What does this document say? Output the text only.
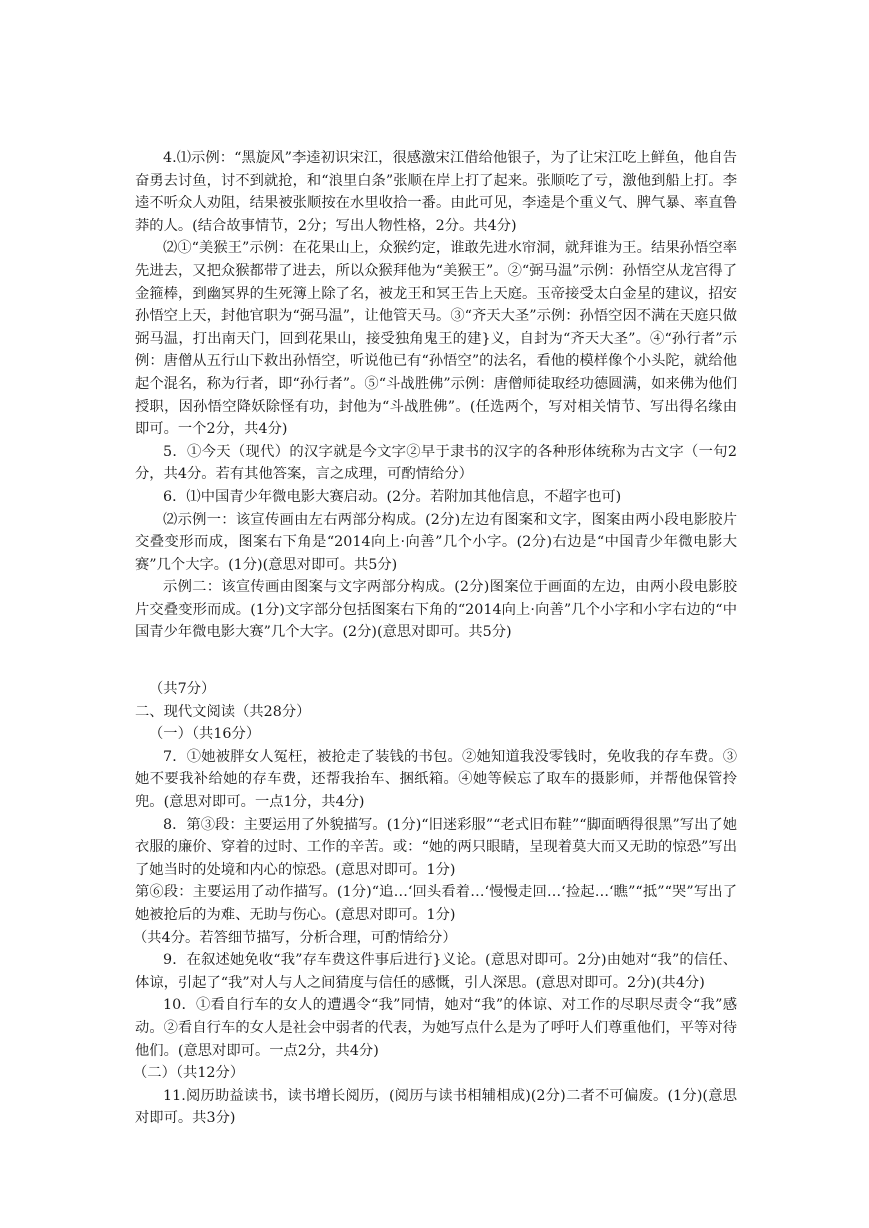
4.⑴示例：“黑旋风”李逵初识宋江，很感激宋江借给他银子，为了让宋江吃上鲜鱼，他自告奋勇去讨鱼，讨不到就抢，和“浪里白条”张顺在岸上打了起来。张顺吃了亏，激他到船上打。李逵不听众人劝阻，结果被张顺按在水里收拾一番。由此可见，李逵是个重义气、脾气暴、率直鲁莽的人。(结合故事情节，2分；写出人物性格，2分。共4分)

⑵①“美猴王”示例：在花果山上，众猴约定，谁敢先进水帘洞，就拜谁为王。结果孙悟空率先进去，又把众猴都带了进去，所以众猴拜他为“美猴王”。②“弼马温”示例：孙悟空从龙宫得了金箍棒，到幽冥界的生死簿上除了名，被龙王和冥王告上天庭。玉帝接受太白金星的建议，招安孙悟空上天，封他官职为“弼马温”，让他管天马。③“齐天大圣”示例：孙悟空因不满在天庭只做弼马温，打出南天门，回到花果山，接受独角鬼王的建}义，自封为“齐天大圣”。④“孙行者”示例：唐僧从五行山下救出孙悟空，听说他已有“孙悟空”的法名，看他的模样像个小头陀，就给他起个混名，称为行者，即“孙行者”。⑤“斗战胜佛”示例：唐僧师徒取经功德圆满，如来佛为他们授职，因孙悟空降妖除怪有功，封他为“斗战胜佛”。(任选两个，写对相关情节、写出得名缘由即可。一个2分，共4分)

5．①今天（现代）的汉字就是今文字②早于隶书的汉字的各种形体统称为古文字（一句2分，共4分。若有其他答案，言之成理，可酌情给分）

6．⑴中国青少年微电影大赛启动。(2分。若附加其他信息，不超字也可)

⑵示例一：该宣传画由左右两部分构成。(2分)左边有图案和文字，图案由两小段电影胶片交叠变形而成，图案右下角是“2014向上·向善”几个小字。(2分)右边是“中国青少年微电影大赛”几个大字。(1分)(意思对即可。共5分)

示例二：该宣传画由图案与文字两部分构成。(2分)图案位于画面的左边，由两小段电影胶片交叠变形而成。(1分)文字部分包括图案右下角的“2014向上·向善”几个小字和小字右边的“中国青少年微电影大赛”几个大字。(2分)(意思对即可。共5分)

（共7分）

二、现代文阅读（共28分）

（一）（共16分）

7．①她被胖女人冤枉，被抢走了装钱的书包。②她知道我没零钱时，免收我的存车费。③她不要我补给她的存车费，还帮我抬车、捆纸箱。④她等候忘了取车的摄影师，并帮他保管拎兜。(意思对即可。一点1分，共4分)

8．第③段：主要运用了外貌描写。(1分)“旧迷彩服”“老式旧布鞋”“脚面晒得很黑”写出了她衣服的廉价、穿着的过时、工作的辛苦。或：“她的两只眼睛，呈现着莫大而又无助的惊恐”写出了她当时的处境和内心的惊恐。(意思对即可。1分)

第⑥段：主要运用了动作描写。(1分)“追…‘回头看着…‘慢慢走回…‘捡起…‘瞧”“抵”“哭”写出了她被抢后的为难、无助与伤心。(意思对即可。1分)

（共4分。若答细节描写，分析合理，可酌情给分）

9．在叙述她免收“我”存车费这件事后进行}义论。(意思对即可。2分)由她对“我”的信任、体谅，引起了“我”对人与人之间猜度与信任的感慨，引人深思。(意思对即可。2分)(共4分)

10．①看自行车的女人的遭遇令“我”同情，她对“我”的体谅、对工作的尽职尽责令“我”感动。②看自行车的女人是社会中弱者的代表，为她写点什么是为了呼吁人们尊重他们，平等对待他们。(意思对即可。一点2分，共4分)

（二）（共12分）

11.阅历助益读书，读书增长阅历，(阅历与读书相辅相成)(2分)二者不可偏废。(1分)(意思对即可。共3分)
